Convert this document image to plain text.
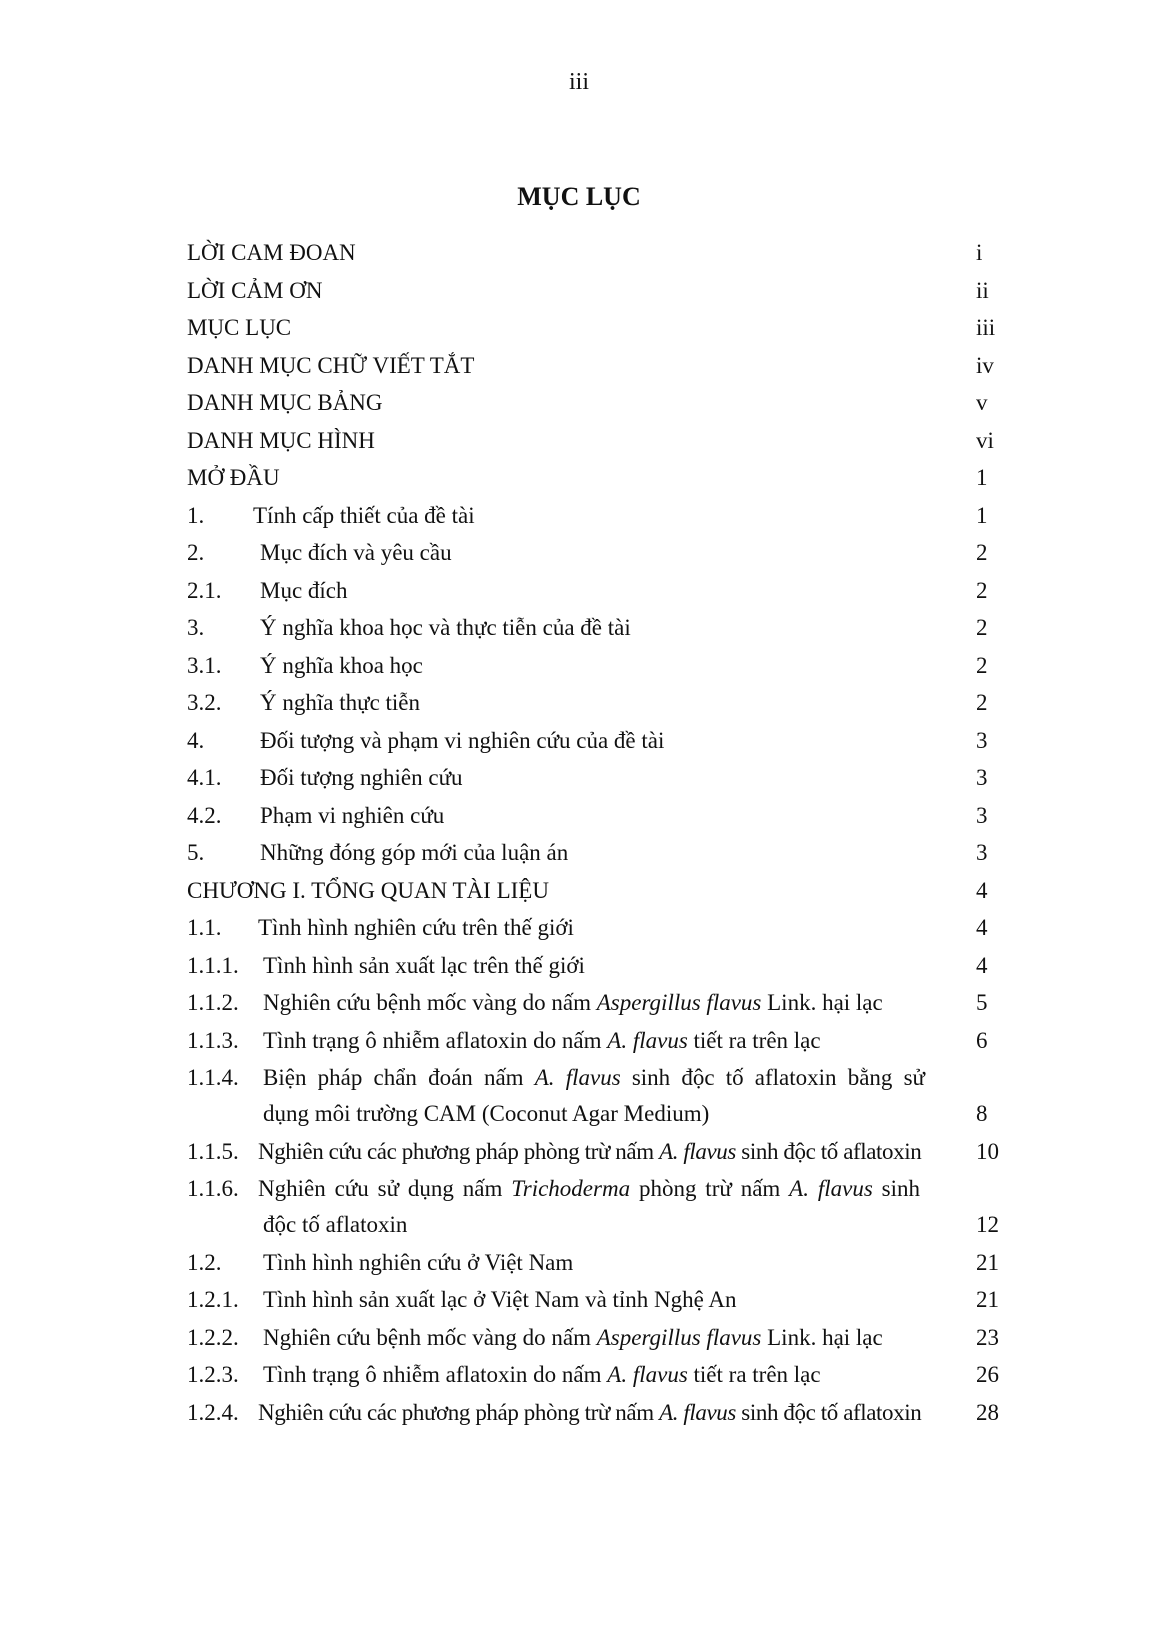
iii
MỤC LỤC
LỜI CAM ĐOAN	i
LỜI CẢM ƠN	ii
MỤC LỤC	iii
DANH MỤC CHỮ VIẾT TẮT	iv
DANH MỤC BẢNG	v
DANH MỤC HÌNH	vi
MỞ ĐẦU	1
1. Tính cấp thiết của đề tài	1
2. Mục đích và yêu cầu	2
2.1. Mục đích	2
3. Ý nghĩa khoa học và thực tiễn của đề tài	2
3.1. Ý nghĩa khoa học	2
3.2. Ý nghĩa thực tiễn	2
4. Đối tượng và phạm vi nghiên cứu của đề tài	3
4.1. Đối tượng nghiên cứu	3
4.2. Phạm vi nghiên cứu	3
5. Những đóng góp mới của luận án	3
CHƯƠNG I. TỔNG QUAN TÀI LIỆU	4
1.1. Tình hình nghiên cứu trên thế giới	4
1.1.1. Tình hình sản xuất lạc trên thế giới	4
1.1.2. Nghiên cứu bệnh mốc vàng do nấm Aspergillus flavus Link. hại lạc	5
1.1.3. Tình trạng ô nhiễm aflatoxin do nấm A. flavus tiết ra trên lạc	6
1.1.4. Biện pháp chẩn đoán nấm A. flavus sinh độc tố aflatoxin bằng sử
dụng môi trường CAM (Coconut Agar Medium)	8
1.1.5. Nghiên cứu các phương pháp phòng trừ nấm A. flavus sinh độc tố aflatoxin 10
1.1.6. Nghiên cứu sử dụng nấm Trichoderma phòng trừ nấm A. flavus sinh
độc tố aflatoxin	12
1.2. Tình hình nghiên cứu ở Việt Nam	21
1.2.1. Tình hình sản xuất lạc ở Việt Nam và tỉnh Nghệ An	21
1.2.2. Nghiên cứu bệnh mốc vàng do nấm Aspergillus flavus Link. hại lạc	23
1.2.3. Tình trạng ô nhiễm aflatoxin do nấm A. flavus tiết ra trên lạc	26
1.2.4. Nghiên cứu các phương pháp phòng trừ nấm A. flavus sinh độc tố aflatoxin 28
